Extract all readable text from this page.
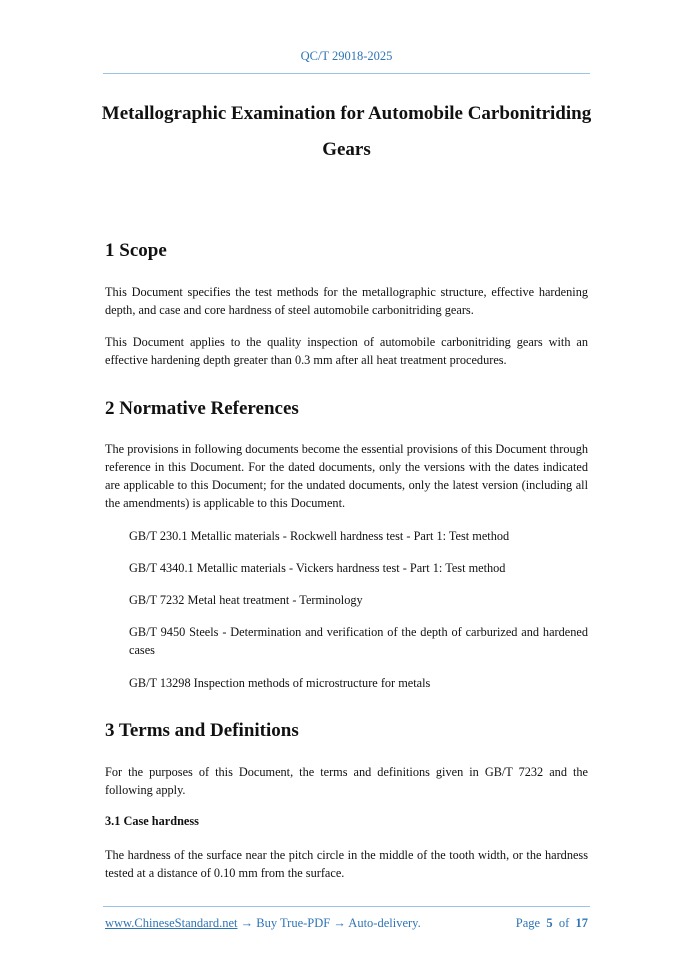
QC/T 29018-2025
Metallographic Examination for Automobile Carbonitriding Gears
1 Scope
This Document specifies the test methods for the metallographic structure, effective hardening depth, and case and core hardness of steel automobile carbonitriding gears.
This Document applies to the quality inspection of automobile carbonitriding gears with an effective hardening depth greater than 0.3 mm after all heat treatment procedures.
2 Normative References
The provisions in following documents become the essential provisions of this Document through reference in this Document. For the dated documents, only the versions with the dates indicated are applicable to this Document; for the undated documents, only the latest version (including all the amendments) is applicable to this Document.
GB/T 230.1 Metallic materials - Rockwell hardness test - Part 1: Test method
GB/T 4340.1 Metallic materials - Vickers hardness test - Part 1: Test method
GB/T 7232 Metal heat treatment - Terminology
GB/T 9450 Steels - Determination and verification of the depth of carburized and hardened cases
GB/T 13298 Inspection methods of microstructure for metals
3 Terms and Definitions
For the purposes of this Document, the terms and definitions given in GB/T 7232 and the following apply.
3.1 Case hardness
The hardness of the surface near the pitch circle in the middle of the tooth width, or the hardness tested at a distance of 0.10 mm from the surface.
www.ChineseStandard.net → Buy True-PDF → Auto-delivery.	Page 5 of 17
